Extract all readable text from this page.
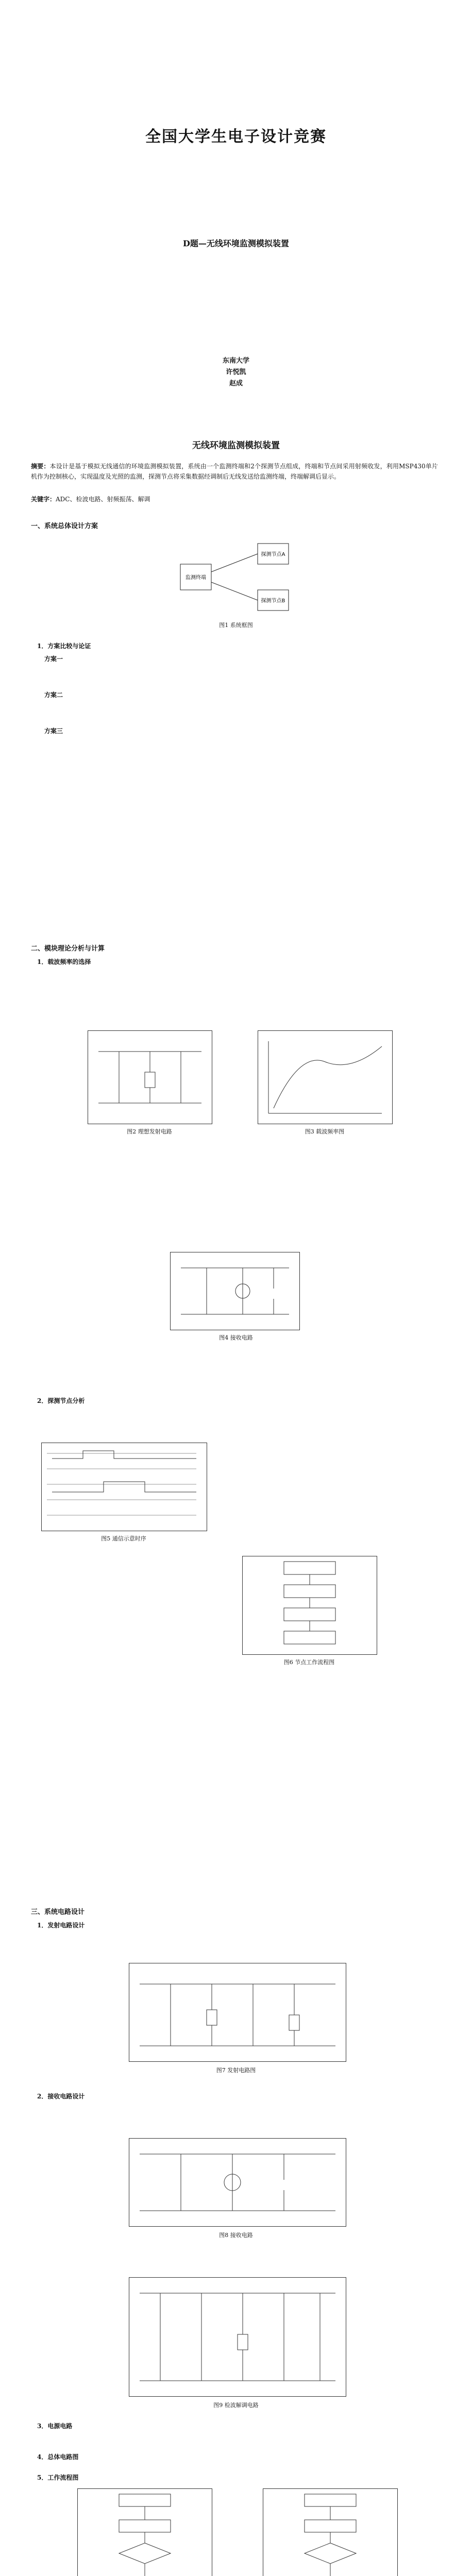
全国大学生电子设计竞赛
D题—无线环境监测模拟装置
东南大学
许悦凯
赵成
无线环境监测模拟装置
摘要：本设计是基于模拟无线通信的环境监测模拟装置，系统由一个监测终端和2个探测节点组成，终端和节点间采用射频收发，利用MSP430单片机作为控制核心，实现温度及光照的监测，探测节点将采集数据经调制后无线发送给监测终端，终端解调后显示。
关键字：ADC、检波电路、射频振荡、解调
一、系统总体设计方案
监测终端
探测节点A
探测节点B
图1 系统框图
1．方案比较与论证
方案一
方案二
方案三
二、模块理论分析与计算
1．载波频率的选择
图2 理想发射电路	图3 载波频率图
图4 接收电路
2．探测节点分析
图5 通信示意时序
图6 节点工作流程图
三、系统电路设计
1．发射电路设计
图7 发射电路图
2．接收电路设计
图8 接收电路
图9 检波解调电路
3．电源电路
4．总体电路图
5．工作流程图
